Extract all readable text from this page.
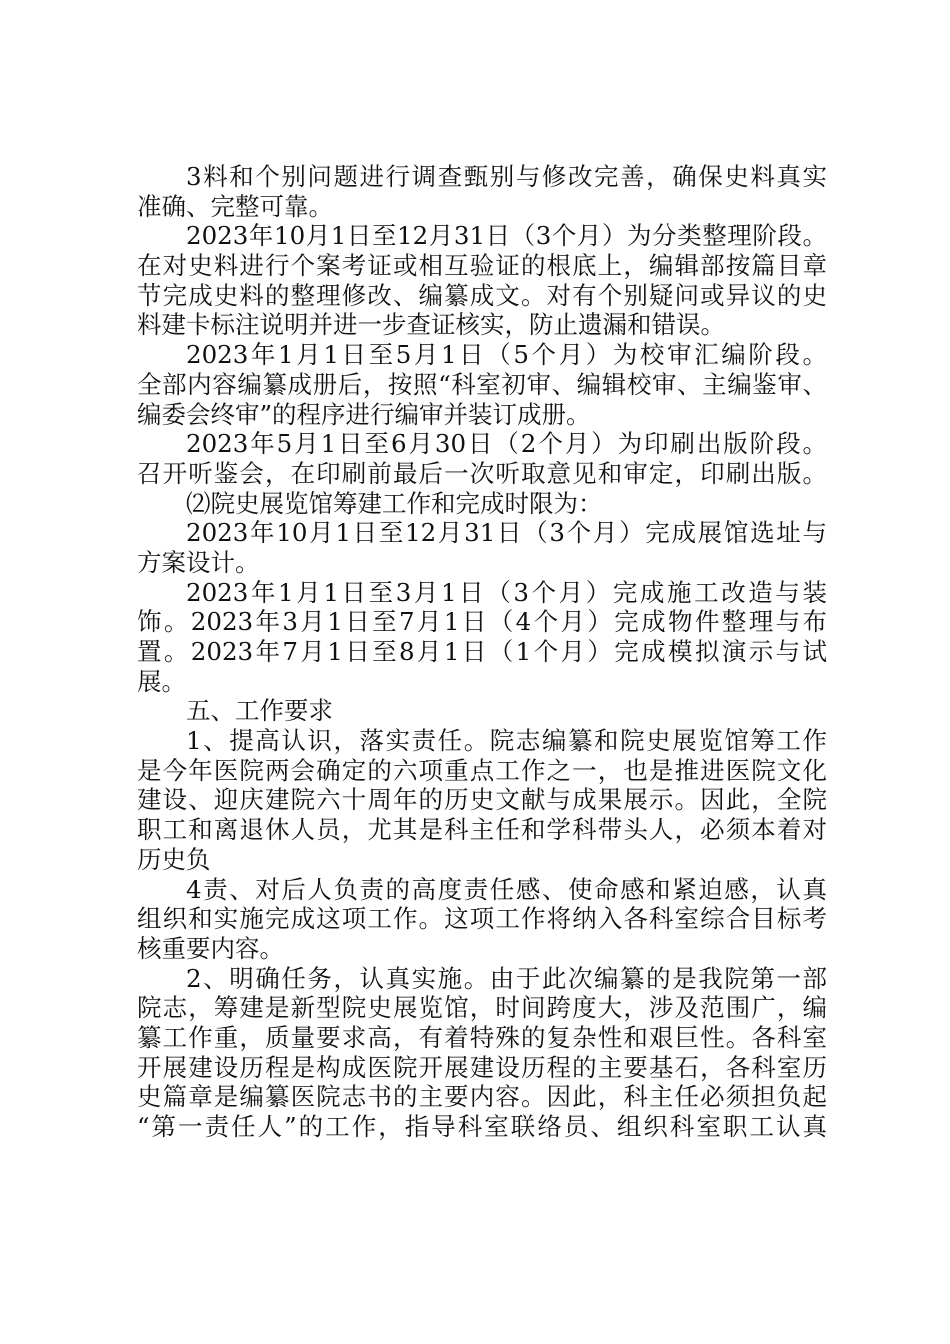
3料和个别问题进行调查甄别与修改完善，确保史料真实
准确、完整可靠。
2023年10月1日至12月31日（3个月）为分类整理阶段。
在对史料进行个案考证或相互验证的根底上，编辑部按篇目章
节完成史料的整理修改、编纂成文。对有个别疑问或异议的史
料建卡标注说明并进一步查证核实，防止遗漏和错误。
2023年1月1日至5月1日（5个月）为校审汇编阶段。
全部内容编纂成册后，按照“科室初审、编辑校审、主编鉴审、
编委会终审”的程序进行编审并装订成册。
2023年5月1日至6月30日（2个月）为印刷出版阶段。
召开听鉴会，在印刷前最后一次听取意见和审定，印刷出版。
⑵院史展览馆筹建工作和完成时限为：
2023年10月1日至12月31日（3个月）完成展馆选址与
方案设计。
2023年1月1日至3月1日（3个月）完成施工改造与装
饰。2023年3月1日至7月1日（4个月）完成物件整理与布
置。2023年7月1日至8月1日（1个月）完成模拟演示与试
展。
五、工作要求
1、提高认识，落实责任。院志编纂和院史展览馆筹工作
是今年医院两会确定的六项重点工作之一，也是推进医院文化
建设、迎庆建院六十周年的历史文献与成果展示。因此，全院
职工和离退休人员，尤其是科主任和学科带头人，必须本着对
历史负
4责、对后人负责的高度责任感、使命感和紧迫感，认真
组织和实施完成这项工作。这项工作将纳入各科室综合目标考
核重要内容。
2、明确任务，认真实施。由于此次编纂的是我院第一部
院志，筹建是新型院史展览馆，时间跨度大，涉及范围广，编
纂工作重，质量要求高，有着特殊的复杂性和艰巨性。各科室
开展建设历程是构成医院开展建设历程的主要基石，各科室历
史篇章是编纂医院志书的主要内容。因此，科主任必须担负起
“第一责任人”的工作，指导科室联络员、组织科室职工认真
